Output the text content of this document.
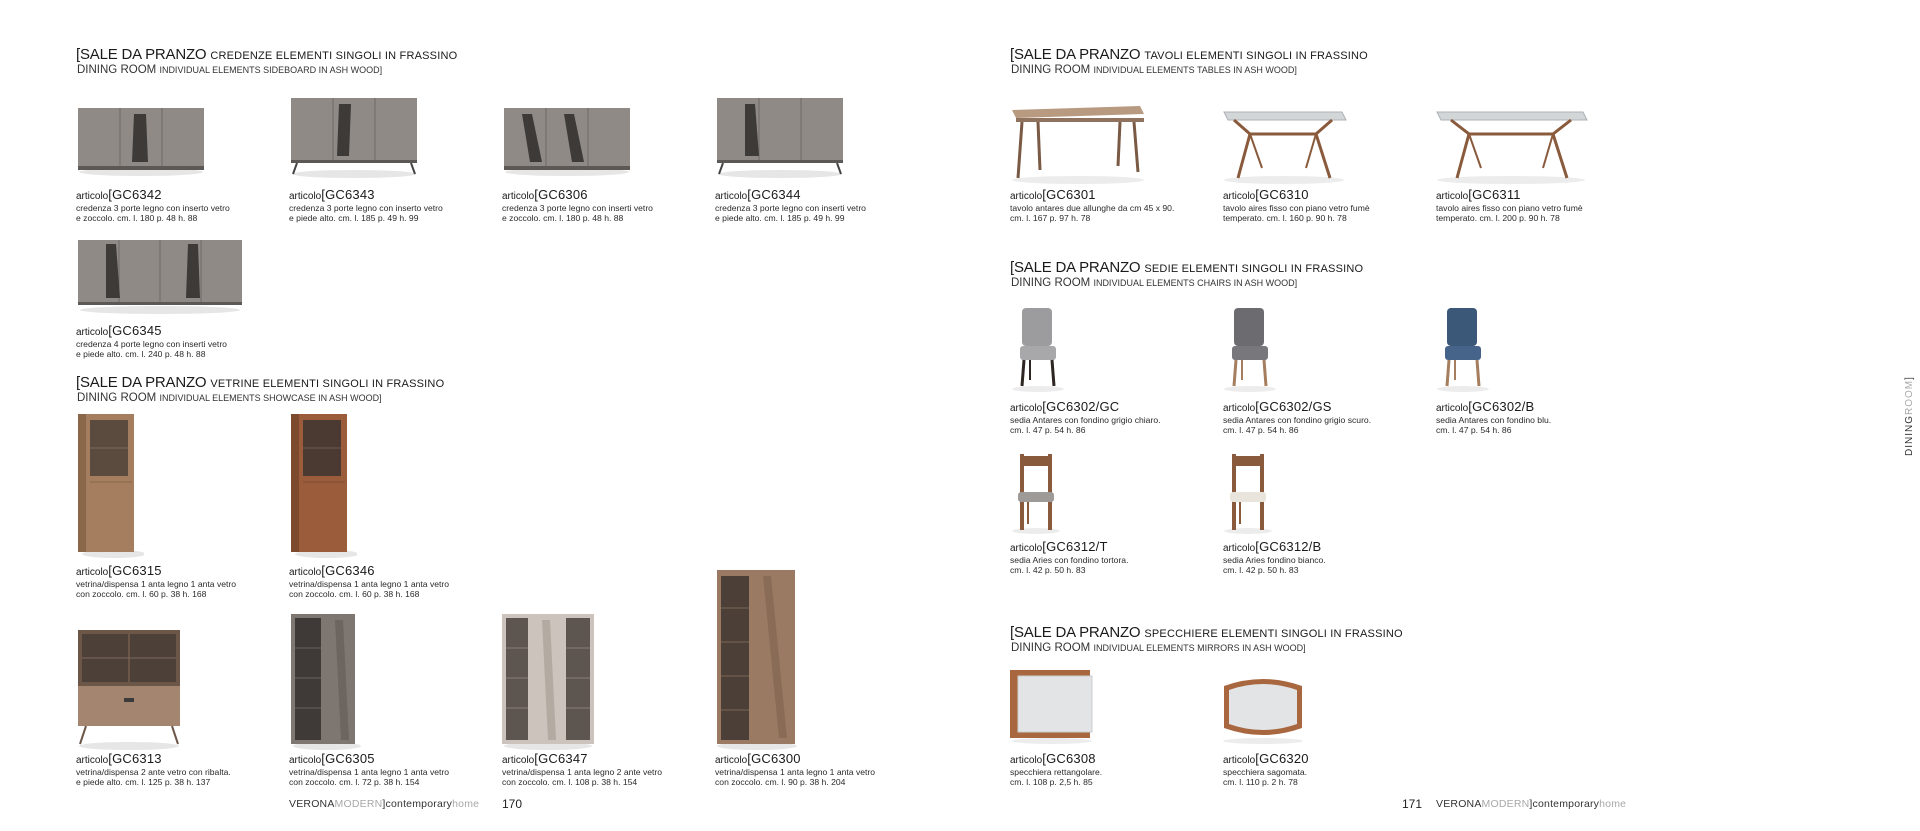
[SALE DA PRANZO CREDENZE ELEMENTI SINGOLI IN FRASSINO
DINING ROOM INDIVIDUAL ELEMENTS SIDEBOARD IN ASH WOOD]
articolo[GC6342
credenza 3 porte legno con inserto vetro
e zoccolo. cm. l. 180 p. 48 h. 88
articolo[GC6343
credenza 3 porte legno con inserto vetro
e piede alto. cm. l. 185 p. 49 h. 99
articolo[GC6306
credenza 3 porte legno con inserti vetro
e zoccolo. cm. l. 180 p. 48 h. 88
articolo[GC6344
credenza 3 porte legno con inserti vetro
e piede alto. cm. l. 185 p. 49 h. 99
articolo[GC6345
credenza 4 porte legno con inserti vetro
e piede alto. cm. l. 240 p. 48 h. 88
[SALE DA PRANZO VETRINE ELEMENTI SINGOLI IN FRASSINO
DINING ROOM INDIVIDUAL ELEMENTS SHOWCASE IN ASH WOOD]
articolo[GC6315
vetrina/dispensa 1 anta legno 1 anta vetro
con zoccolo. cm. l. 60 p. 38 h. 168
articolo[GC6346
vetrina/dispensa 1 anta legno 1 anta vetro
con zoccolo. cm. l. 60 p. 38 h. 168
articolo[GC6313
vetrina/dispensa 2 ante vetro con ribalta.
e piede alto. cm. l. 125 p. 38 h. 137
articolo[GC6305
vetrina/dispensa 1 anta legno 1 anta vetro
con zoccolo. cm. l. 72 p. 38 h. 154
articolo[GC6347
vetrina/dispensa 1 anta legno 2 ante vetro
con zoccolo. cm. l. 108 p. 38 h. 154
articolo[GC6300
vetrina/dispensa 1 anta legno 1 anta vetro
con zoccolo. cm. l. 90 p. 38 h. 204
VERONAMODERN]contemporaryhome 170
[SALE DA PRANZO TAVOLI ELEMENTI SINGOLI IN FRASSINO
DINING ROOM INDIVIDUAL ELEMENTS TABLES IN ASH WOOD]
articolo[GC6301
tavolo antares due allunghe da cm 45 x 90.
cm. l. 167 p. 97 h. 78
articolo[GC6310
tavolo aires fisso con piano vetro fumè
temperato. cm. l. 160 p. 90 h. 78
articolo[GC6311
tavolo aires fisso con piano vetro fumè
temperato. cm. l. 200 p. 90 h. 78
[SALE DA PRANZO SEDIE ELEMENTI SINGOLI IN FRASSINO
DINING ROOM INDIVIDUAL ELEMENTS CHAIRS IN ASH WOOD]
articolo[GC6302/GC
sedia Antares con fondino grigio chiaro.
cm. l. 47 p. 54 h. 86
articolo[GC6302/GS
sedia Antares con fondino grigio scuro.
cm. l. 47 p. 54 h. 86
articolo[GC6302/B
sedia Antares con fondino blu.
cm. l. 47 p. 54 h. 86
articolo[GC6312/T
sedia Aries con fondino tortora.
cm. l. 42 p. 50 h. 83
articolo[GC6312/B
sedia Aries fondino bianco.
cm. l. 42 p. 50 h. 83
[SALE DA PRANZO SPECCHIERE ELEMENTI SINGOLI IN FRASSINO
DINING ROOM INDIVIDUAL ELEMENTS MIRRORS IN ASH WOOD]
articolo[GC6308
specchiera rettangolare.
cm. l. 108 p. 2,5 h. 85
articolo[GC6320
specchiera sagomata.
cm. l. 110 p. 2 h. 78
171 VERONAMODERN]contemporaryhome
DININGROOM]
